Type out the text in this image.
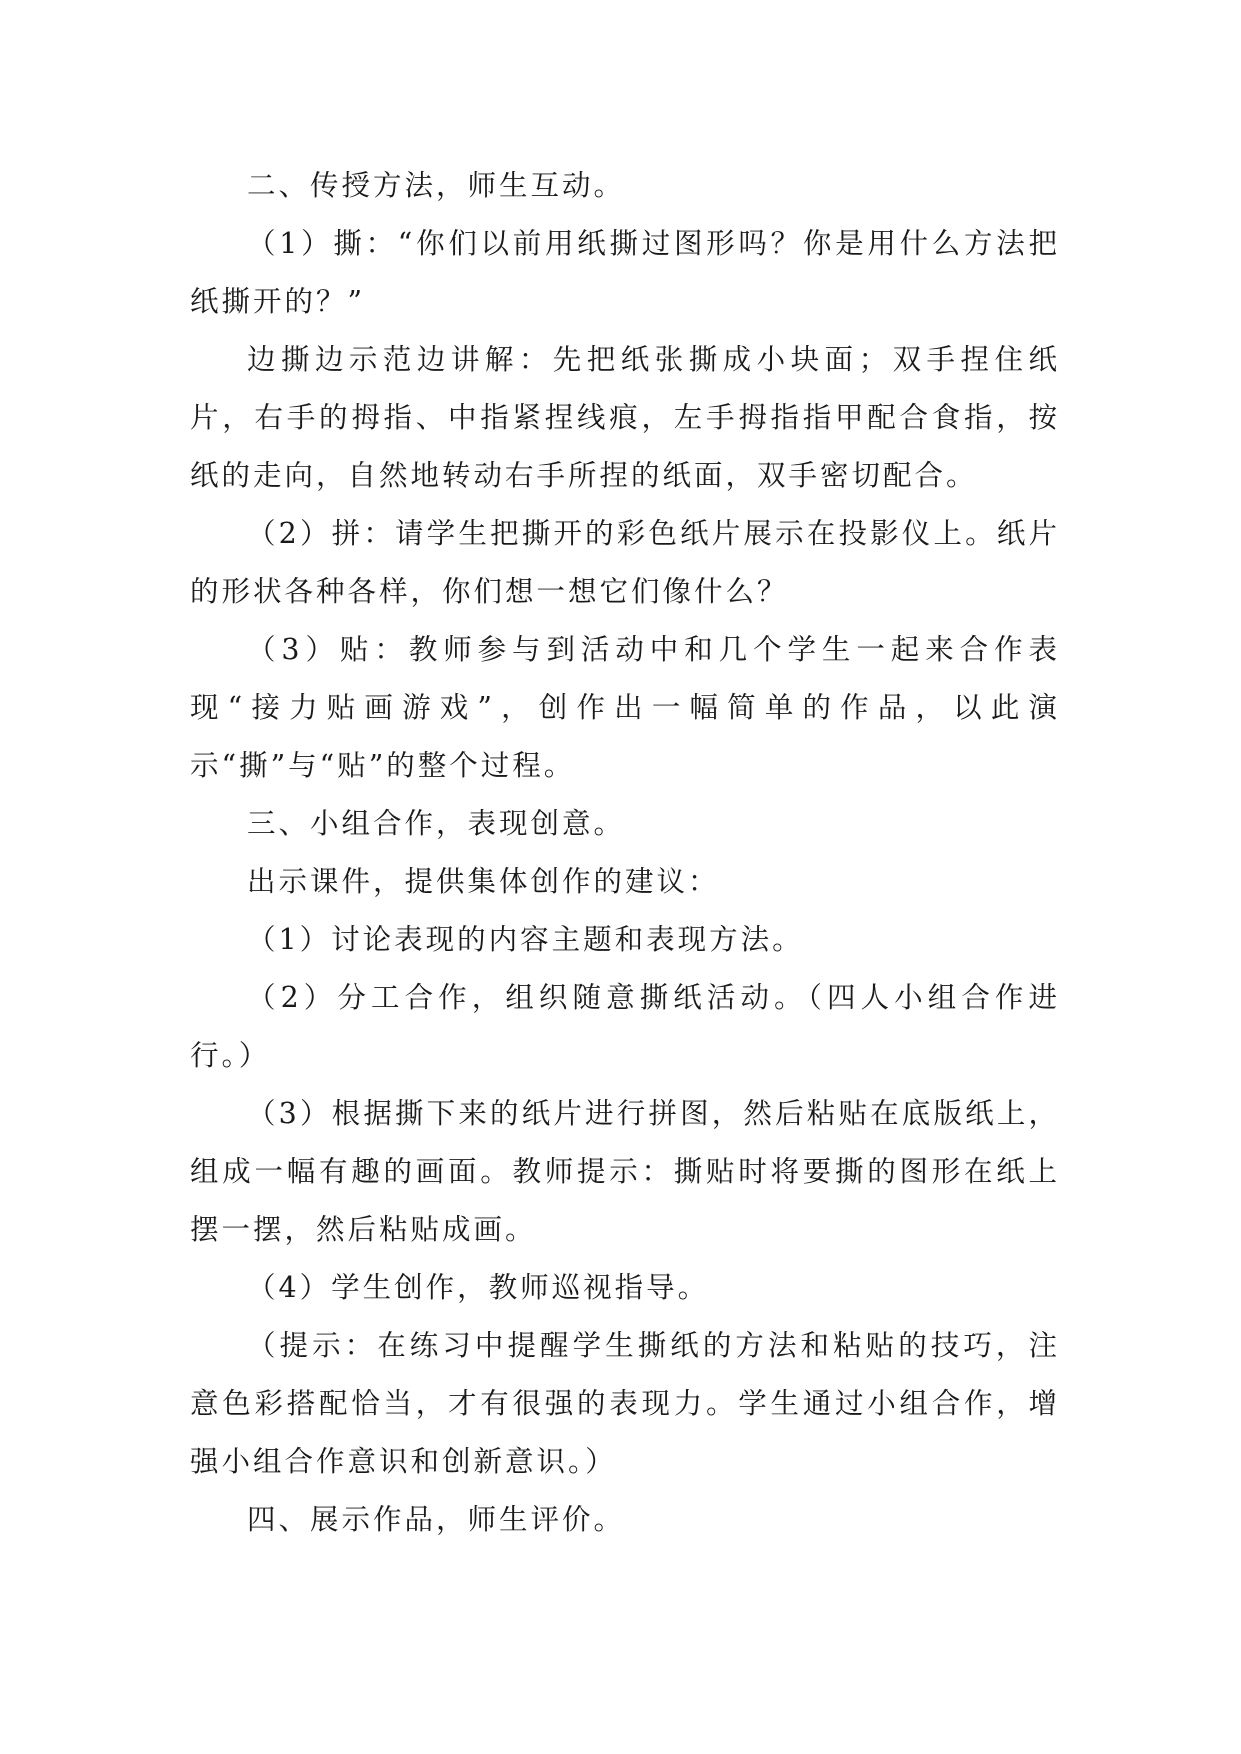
二、传授方法，师生互动。

（1）撕：“你们以前用纸撕过图形吗？你是用什么方法把纸撕开的？”

边撕边示范边讲解：先把纸张撕成小块面；双手捏住纸片，右手的拇指、中指紧捏线痕，左手拇指指甲配合食指，按纸的走向，自然地转动右手所捏的纸面，双手密切配合。

（2）拼：请学生把撕开的彩色纸片展示在投影仪上。纸片的形状各种各样，你们想一想它们像什么？

（3）贴：教师参与到活动中和几个学生一起来合作表现“接力贴画游戏”，创作出一幅简单的作品，以此演示“撕”与“贴”的整个过程。

三、小组合作，表现创意。

出示课件，提供集体创作的建议：

（1）讨论表现的内容主题和表现方法。

（2）分工合作，组织随意撕纸活动。（四人小组合作进行。）

（3）根据撕下来的纸片进行拼图，然后粘贴在底版纸上，组成一幅有趣的画面。教师提示：撕贴时将要撕的图形在纸上摆一摆，然后粘贴成画。

（4）学生创作，教师巡视指导。

（提示：在练习中提醒学生撕纸的方法和粘贴的技巧，注意色彩搭配恰当，才有很强的表现力。学生通过小组合作，增强小组合作意识和创新意识。）

四、展示作品，师生评价。
